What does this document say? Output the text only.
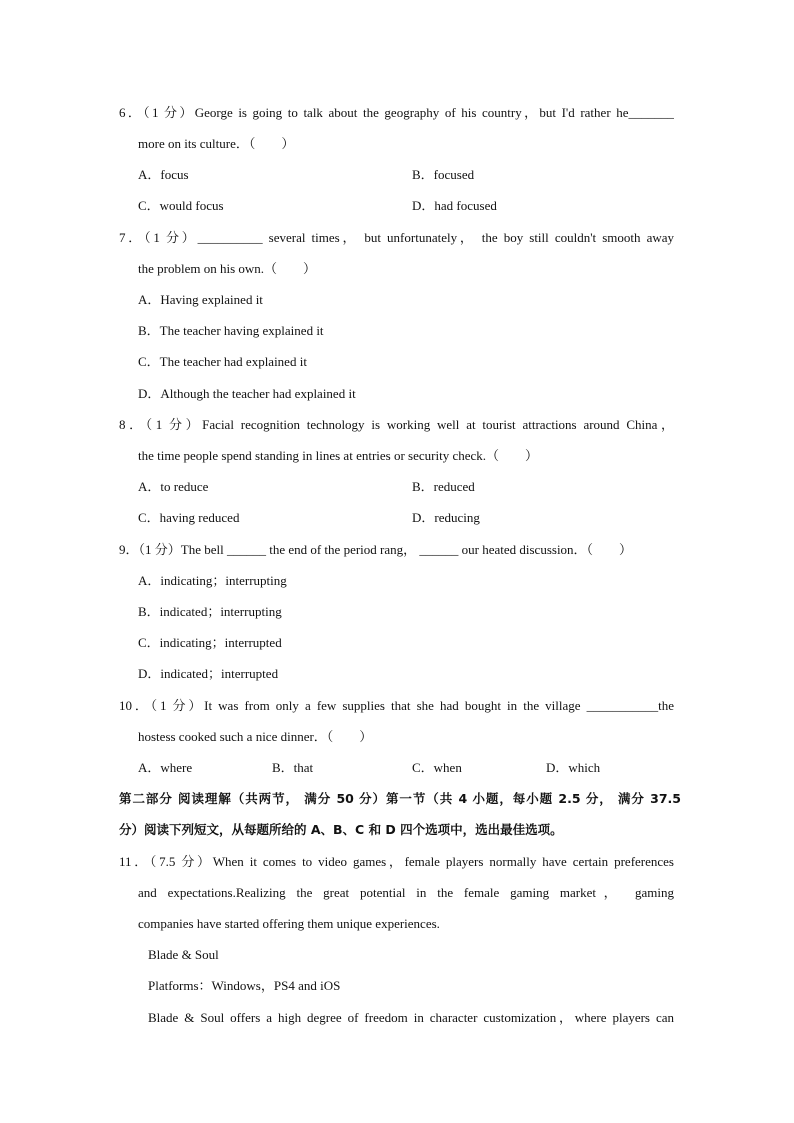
6．（1 分）George is going to talk about the geography of his country，but I'd rather he_______
more on its culture．（　　）
A．focus	B．focused
C．would focus	D．had focused
7．（1 分）__________ several times， but unfortunately， the boy still couldn't smooth away
the problem on his own.（　　）
A．Having explained it
B．The teacher having explained it
C．The teacher had explained it
D．Although the teacher had explained it
8．（1 分）Facial recognition technology is working well at tourist attractions around China，
the time people spend standing in lines at entries or security check.（　　）
A．to reduce	B．reduced
C．having reduced	D．reducing
9．（1 分）The bell ______ the end of the period rang， ______ our heated discussion．（　　）
A．indicating；interrupting
B．indicated；interrupting
C．indicating；interrupted
D．indicated；interrupted
10．（1 分）It was from only a few supplies that she had bought in the village ___________the
hostess cooked such a nice dinner．（　　）
A．where	B．that	C．when	D．which
第二部分 阅读理解（共两节， 满分 50 分）第一节（共 4 小题，每小题 2.5 分， 满分 37.5
分）阅读下列短文，从每题所给的 A、B、C 和 D 四个选项中，选出最佳选项。
11．（7.5 分）When it comes to video games，female players normally have certain preferences
and expectations.Realizing the great potential in the female gaming market， gaming
companies have started offering them unique experiences.
Blade & Soul
Platforms：Windows，PS4 and iOS
Blade & Soul offers a high degree of freedom in character customization，where players can
